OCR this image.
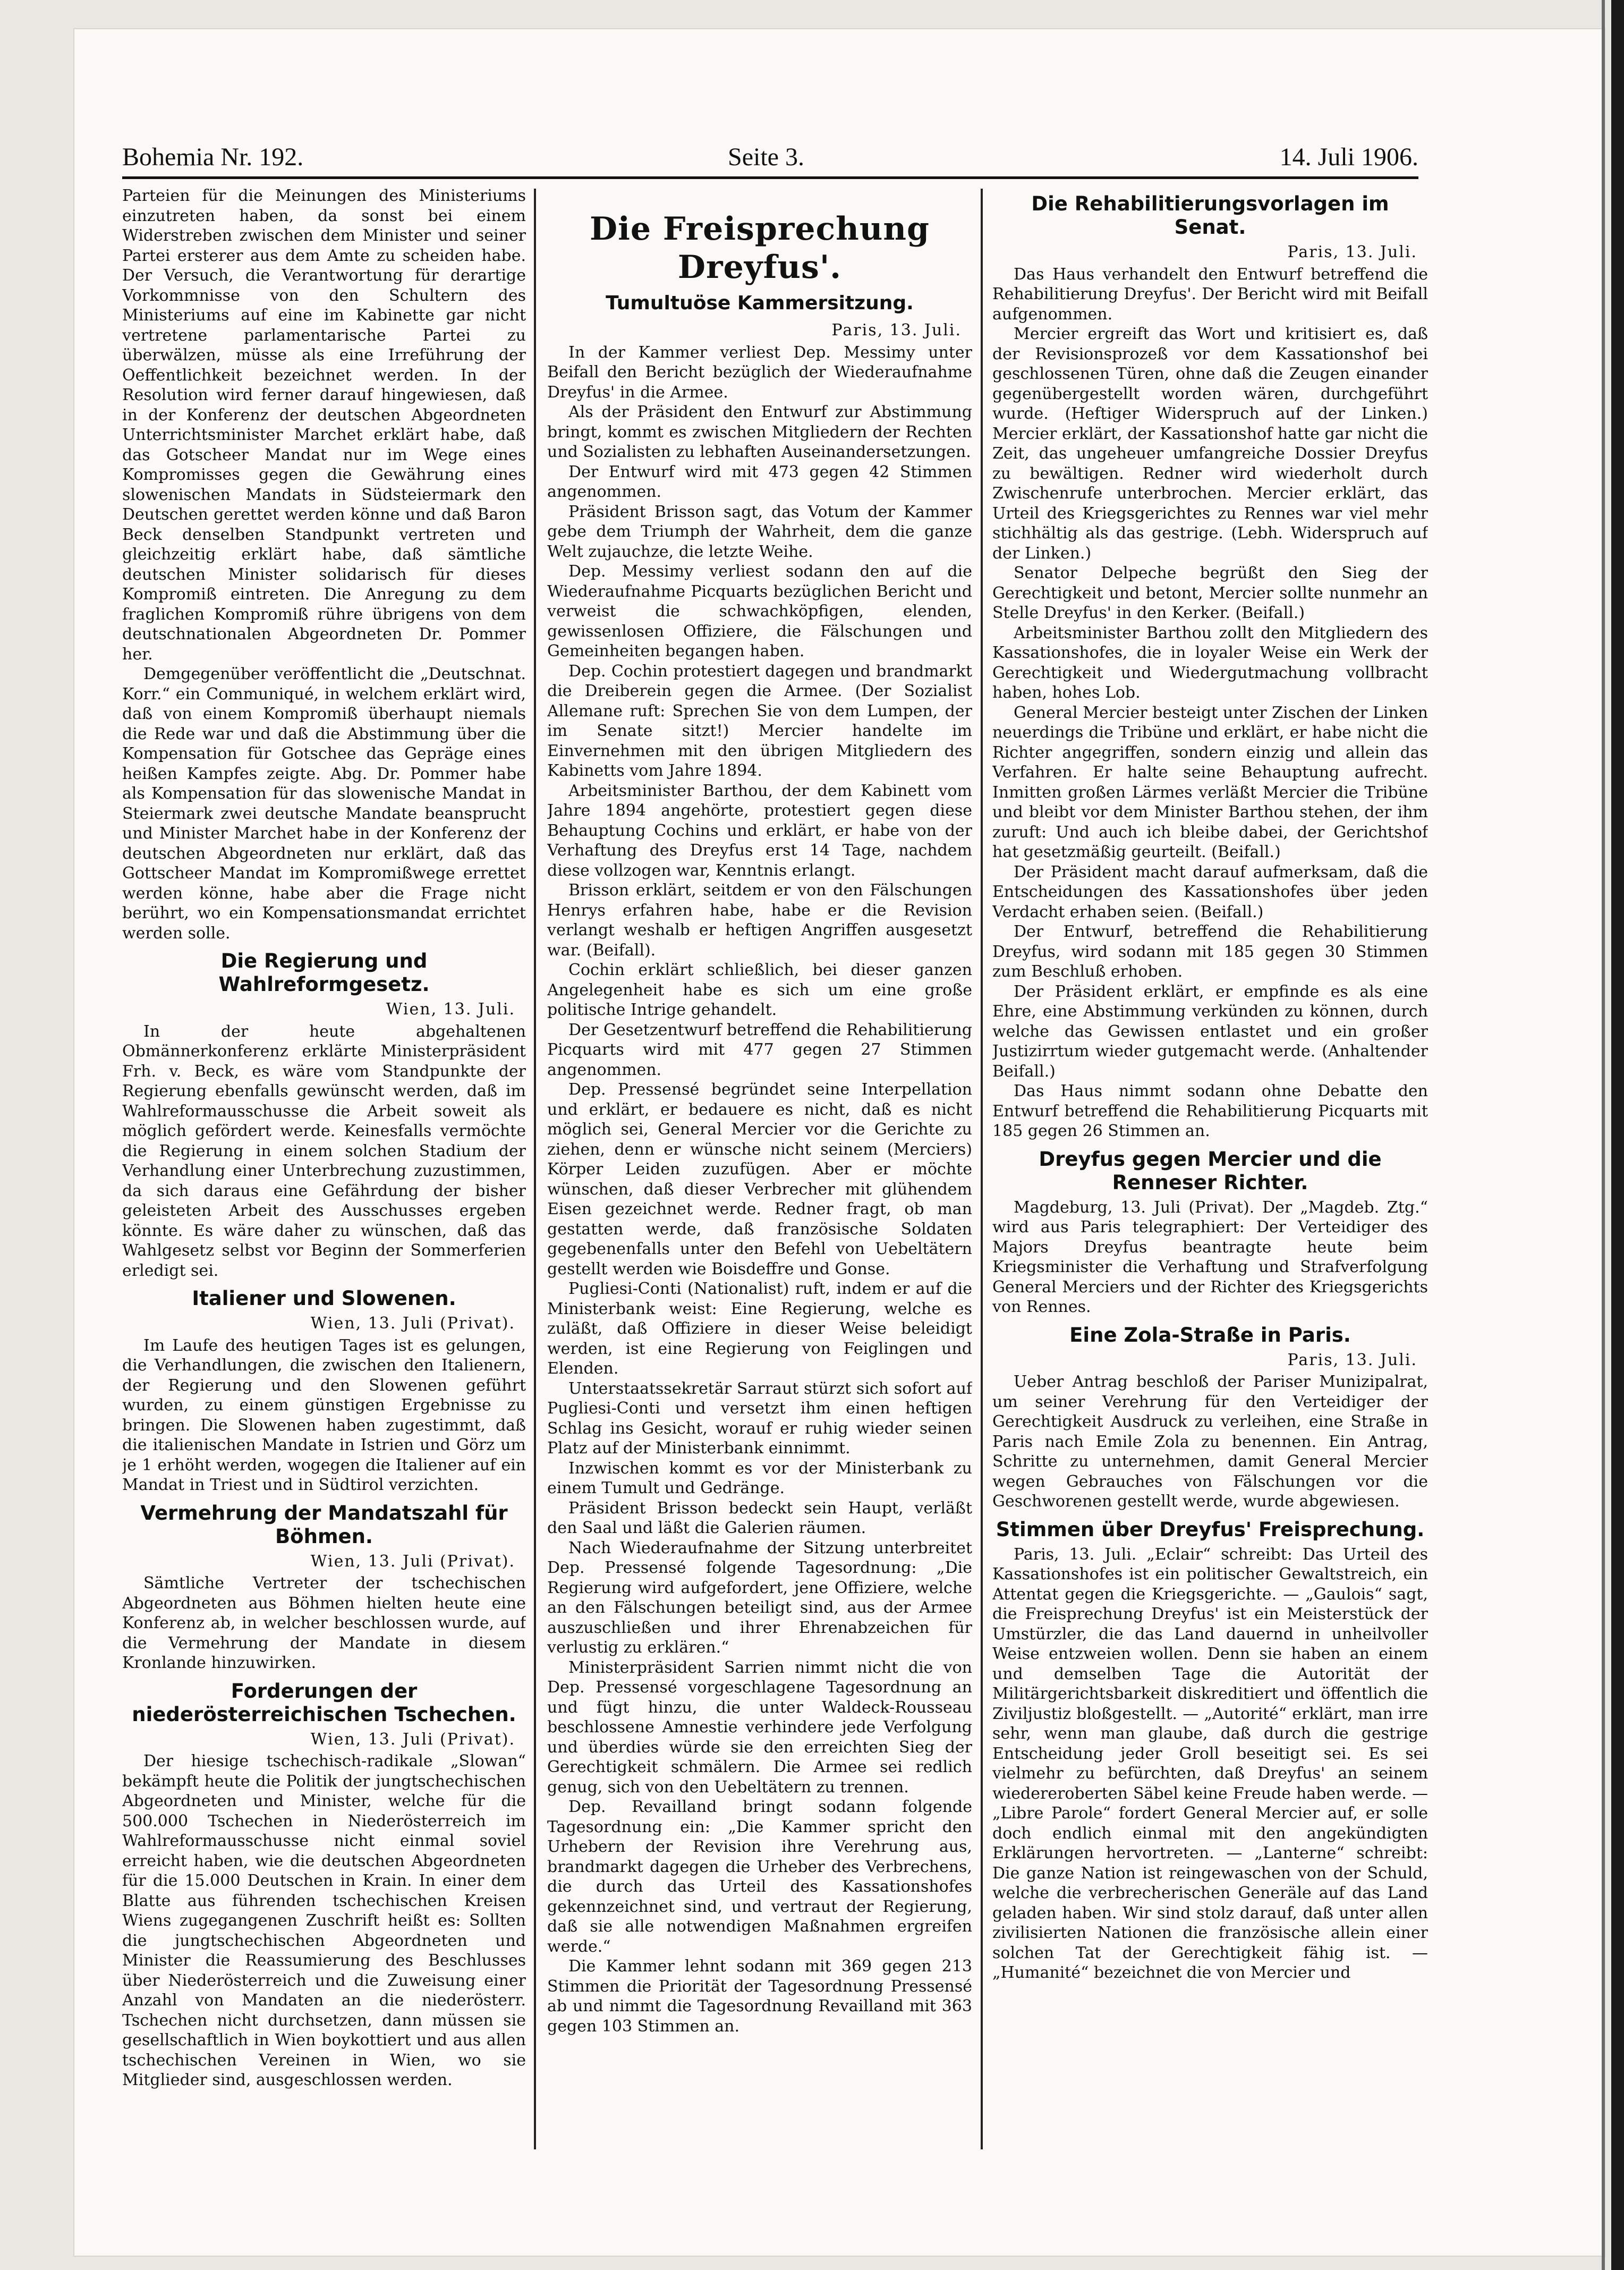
Bohemia Nr. 192.	Seite 3.	14. Juli 1906.

Parteien für die Meinungen des Ministeriums einzutreten haben, da sonst bei einem Widerstreben zwischen dem Minister und seiner Partei ersterer aus dem Amte zu scheiden habe. Der Versuch, die Verantwortung für derartige Vorkommnisse von den Schultern des Ministeriums auf eine im Kabinette gar nicht vertretene parlamentarische Partei zu überwälzen, müsse als eine Irreführung der Oeffentlichkeit bezeichnet werden. In der Resolution wird ferner darauf hingewiesen, daß in der Konferenz der deutschen Abgeordneten Unterrichtsminister Marchet erklärt habe, daß das Gotscheer Mandat nur im Wege eines Kompromisses gegen die Gewährung eines slowenischen Mandats in Südsteiermark den Deutschen gerettet werden könne und daß Baron Beck denselben Standpunkt vertreten und gleichzeitig erklärt habe, daß sämtliche deutschen Minister solidarisch für dieses Kompromiß eintreten. Die Anregung zu dem fraglichen Kompromiß rühre übrigens von dem deutschnationalen Abgeordneten Dr. Pommer her.

Demgegenüber veröffentlicht die „Deutschnat. Korr.“ ein Communiqué, in welchem erklärt wird, daß von einem Kompromiß überhaupt niemals die Rede war und daß die Abstimmung über die Kompensation für Gotschee das Gepräge eines heißen Kampfes zeigte. Abg. Dr. Pommer habe als Kompensation für das slowenische Mandat in Steiermark zwei deutsche Mandate beansprucht und Minister Marchet habe in der Konferenz der deutschen Abgeordneten nur erklärt, daß das Gottscheer Mandat im Kompromißwege errettet werden könne, habe aber die Frage nicht berührt, wo ein Kompensationsmandat errichtet werden solle.

Die Regierung und Wahlreformgesetz.
Wien, 13. Juli.

In der heute abgehaltenen Obmännerkonferenz erklärte Ministerpräsident Frh. v. Beck, es wäre vom Standpunkte der Regierung ebenfalls gewünscht werden, daß im Wahlreformausschusse die Arbeit soweit als möglich gefördert werde. Keinesfalls vermöchte die Regierung in einem solchen Stadium der Verhandlung einer Unterbrechung zuzustimmen, da sich daraus eine Gefährdung der bisher geleisteten Arbeit des Ausschusses ergeben könnte. Es wäre daher zu wünschen, daß das Wahlgesetz selbst vor Beginn der Sommerferien erledigt sei.

Italiener und Slowenen.
Wien, 13. Juli (Privat).

Im Laufe des heutigen Tages ist es gelungen, die Verhandlungen, die zwischen den Italienern, der Regierung und den Slowenen geführt wurden, zu einem günstigen Ergebnisse zu bringen. Die Slowenen haben zugestimmt, daß die italienischen Mandate in Istrien und Görz um je 1 erhöht werden, wogegen die Italiener auf ein Mandat in Triest und in Südtirol verzichten.

Vermehrung der Mandatszahl für Böhmen.
Wien, 13. Juli (Privat).

Sämtliche Vertreter der tschechischen Abgeordneten aus Böhmen hielten heute eine Konferenz ab, in welcher beschlossen wurde, auf die Vermehrung der Mandate in diesem Kronlande hinzuwirken.

Forderungen der niederösterreichischen Tschechen.
Wien, 13. Juli (Privat).

Der hiesige tschechisch-radikale „Slowan“ bekämpft heute die Politik der jungtschechischen Abgeordneten und Minister, welche für die 500.000 Tschechen in Niederösterreich im Wahlreformausschusse nicht einmal soviel erreicht haben, wie die deutschen Abgeordneten für die 15.000 Deutschen in Krain. In einer dem Blatte aus führenden tschechischen Kreisen Wiens zugegangenen Zuschrift heißt es: Sollten die jungtschechischen Abgeordneten und Minister die Reassumierung des Beschlusses über Niederösterreich und die Zuweisung einer Anzahl von Mandaten an die niederösterr. Tschechen nicht durchsetzen, dann müssen sie gesellschaftlich in Wien boykottiert und aus allen tschechischen Vereinen in Wien, wo sie Mitglieder sind, ausgeschlossen werden.

Die Freisprechung Dreyfus'.
Tumultuöse Kammersitzung.
Paris, 13. Juli.

In der Kammer verliest Dep. Messimy unter Beifall den Bericht bezüglich der Wiederaufnahme Dreyfus' in die Armee.

Als der Präsident den Entwurf zur Abstimmung bringt, kommt es zwischen Mitgliedern der Rechten und Sozialisten zu lebhaften Auseinandersetzungen.

Der Entwurf wird mit 473 gegen 42 Stimmen angenommen.

Präsident Brisson sagt, das Votum der Kammer gebe dem Triumph der Wahrheit, dem die ganze Welt zujauchze, die letzte Weihe.

Dep. Messimy verliest sodann den auf die Wiederaufnahme Picquarts bezüglichen Bericht und verweist die schwachköpfigen, elenden, gewissenlosen Offiziere, die Fälschungen und Gemeinheiten begangen haben.

Dep. Cochin protestiert dagegen und brandmarkt die Dreiberein gegen die Armee. (Der Sozialist Allemane ruft: Sprechen Sie von dem Lumpen, der im Senate sitzt!) Mercier handelte im Einvernehmen mit den übrigen Mitgliedern des Kabinetts vom Jahre 1894.

Arbeitsminister Barthou, der dem Kabinett vom Jahre 1894 angehörte, protestiert gegen diese Behauptung Cochins und erklärt, er habe von der Verhaftung des Dreyfus erst 14 Tage, nachdem diese vollzogen war, Kenntnis erlangt.

Brisson erklärt, seitdem er von den Fälschungen Henrys erfahren habe, habe er die Revision verlangt weshalb er heftigen Angriffen ausgesetzt war. (Beifall).

Cochin erklärt schließlich, bei dieser ganzen Angelegenheit habe es sich um eine große politische Intrige gehandelt.

Der Gesetzentwurf betreffend die Rehabilitierung Picquarts wird mit 477 gegen 27 Stimmen angenommen.

Dep. Pressensé begründet seine Interpellation und erklärt, er bedauere es nicht, daß es nicht möglich sei, General Mercier vor die Gerichte zu ziehen, denn er wünsche nicht seinem (Merciers) Körper Leiden zuzufügen. Aber er möchte wünschen, daß dieser Verbrecher mit glühendem Eisen gezeichnet werde. Redner fragt, ob man gestatten werde, daß französische Soldaten gegebenenfalls unter den Befehl von Uebeltätern gestellt werden wie Boisdeffre und Gonse.

Pugliesi-Conti (Nationalist) ruft, indem er auf die Ministerbank weist: Eine Regierung, welche es zuläßt, daß Offiziere in dieser Weise beleidigt werden, ist eine Regierung von Feiglingen und Elenden.

Unterstaatssekretär Sarraut stürzt sich sofort auf Pugliesi-Conti und versetzt ihm einen heftigen Schlag ins Gesicht, worauf er ruhig wieder seinen Platz auf der Ministerbank einnimmt.

Inzwischen kommt es vor der Ministerbank zu einem Tumult und Gedränge.

Präsident Brisson bedeckt sein Haupt, verläßt den Saal und läßt die Galerien räumen.

Nach Wiederaufnahme der Sitzung unterbreitet Dep. Pressensé folgende Tagesordnung: „Die Regierung wird aufgefordert, jene Offiziere, welche an den Fälschungen beteiligt sind, aus der Armee auszuschließen und ihrer Ehrenabzeichen für verlustig zu erklären.“

Ministerpräsident Sarrien nimmt nicht die von Dep. Pressensé vorgeschlagene Tagesordnung an und fügt hinzu, die unter Waldeck-Rousseau beschlossene Amnestie verhindere jede Verfolgung und überdies würde sie den erreichten Sieg der Gerechtigkeit schmälern. Die Armee sei redlich genug, sich von den Uebeltätern zu trennen.

Dep. Revailland bringt sodann folgende Tagesordnung ein: „Die Kammer spricht den Urhebern der Revision ihre Verehrung aus, brandmarkt dagegen die Urheber des Verbrechens, die durch das Urteil des Kassationshofes gekennzeichnet sind, und vertraut der Regierung, daß sie alle notwendigen Maßnahmen ergreifen werde.“

Die Kammer lehnt sodann mit 369 gegen 213 Stimmen die Priorität der Tagesordnung Pressensé ab und nimmt die Tagesordnung Revailland mit 363 gegen 103 Stimmen an.

Die Rehabilitierungsvorlagen im Senat.
Paris, 13. Juli.

Das Haus verhandelt den Entwurf betreffend die Rehabilitierung Dreyfus'. Der Bericht wird mit Beifall aufgenommen.

Mercier ergreift das Wort und kritisiert es, daß der Revisionsprozeß vor dem Kassationshof bei geschlossenen Türen, ohne daß die Zeugen einander gegenübergestellt worden wären, durchgeführt wurde. (Heftiger Widerspruch auf der Linken.) Mercier erklärt, der Kassationshof hatte gar nicht die Zeit, das ungeheuer umfangreiche Dossier Dreyfus zu bewältigen. Redner wird wiederholt durch Zwischenrufe unterbrochen. Mercier erklärt, das Urteil des Kriegsgerichtes zu Rennes war viel mehr stichhältig als das gestrige. (Lebh. Widerspruch auf der Linken.)

Senator Delpeche begrüßt den Sieg der Gerechtigkeit und betont, Mercier sollte nunmehr an Stelle Dreyfus' in den Kerker. (Beifall.)

Arbeitsminister Barthou zollt den Mitgliedern des Kassationshofes, die in loyaler Weise ein Werk der Gerechtigkeit und Wiedergutmachung vollbracht haben, hohes Lob.

General Mercier besteigt unter Zischen der Linken neuerdings die Tribüne und erklärt, er habe nicht die Richter angegriffen, sondern einzig und allein das Verfahren. Er halte seine Behauptung aufrecht. Inmitten großen Lärmes verläßt Mercier die Tribüne und bleibt vor dem Minister Barthou stehen, der ihm zuruft: Und auch ich bleibe dabei, der Gerichtshof hat gesetzmäßig geurteilt. (Beifall.)

Der Präsident macht darauf aufmerksam, daß die Entscheidungen des Kassationshofes über jeden Verdacht erhaben seien. (Beifall.)

Der Entwurf, betreffend die Rehabilitierung Dreyfus, wird sodann mit 185 gegen 30 Stimmen zum Beschluß erhoben.

Der Präsident erklärt, er empfinde es als eine Ehre, eine Abstimmung verkünden zu können, durch welche das Gewissen entlastet und ein großer Justizirrtum wieder gutgemacht werde. (Anhaltender Beifall.)

Das Haus nimmt sodann ohne Debatte den Entwurf betreffend die Rehabilitierung Picquarts mit 185 gegen 26 Stimmen an.

Dreyfus gegen Mercier und die Renneser Richter.

Magdeburg, 13. Juli (Privat). Der „Magdeb. Ztg.“ wird aus Paris telegraphiert: Der Verteidiger des Majors Dreyfus beantragte heute beim Kriegsminister die Verhaftung und Strafverfolgung General Merciers und der Richter des Kriegsgerichts von Rennes.

Eine Zola-Straße in Paris.
Paris, 13. Juli.

Ueber Antrag beschloß der Pariser Munizipalrat, um seiner Verehrung für den Verteidiger der Gerechtigkeit Ausdruck zu verleihen, eine Straße in Paris nach Emile Zola zu benennen. Ein Antrag, Schritte zu unternehmen, damit General Mercier wegen Gebrauches von Fälschungen vor die Geschworenen gestellt werde, wurde abgewiesen.

Stimmen über Dreyfus' Freisprechung.

Paris, 13. Juli. „Eclair“ schreibt: Das Urteil des Kassationshofes ist ein politischer Gewaltstreich, ein Attentat gegen die Kriegsgerichte. — „Gaulois“ sagt, die Freisprechung Dreyfus' ist ein Meisterstück der Umstürzler, die das Land dauernd in unheilvoller Weise entzweien wollen. Denn sie haben an einem und demselben Tage die Autorität der Militärgerichtsbarkeit diskreditiert und öffentlich die Ziviljustiz bloßgestellt. — „Autorité“ erklärt, man irre sehr, wenn man glaube, daß durch die gestrige Entscheidung jeder Groll beseitigt sei. Es sei vielmehr zu befürchten, daß Dreyfus' an seinem wiedereroberten Säbel keine Freude haben werde. — „Libre Parole“ fordert General Mercier auf, er solle doch endlich einmal mit den angekündigten Erklärungen hervortreten. — „Lanterne“ schreibt: Die ganze Nation ist reingewaschen von der Schuld, welche die verbrecherischen Generäle auf das Land geladen haben. Wir sind stolz darauf, daß unter allen zivilisierten Nationen die französische allein einer solchen Tat der Gerechtigkeit fähig ist. — „Humanité“ bezeichnet die von Mercier und
